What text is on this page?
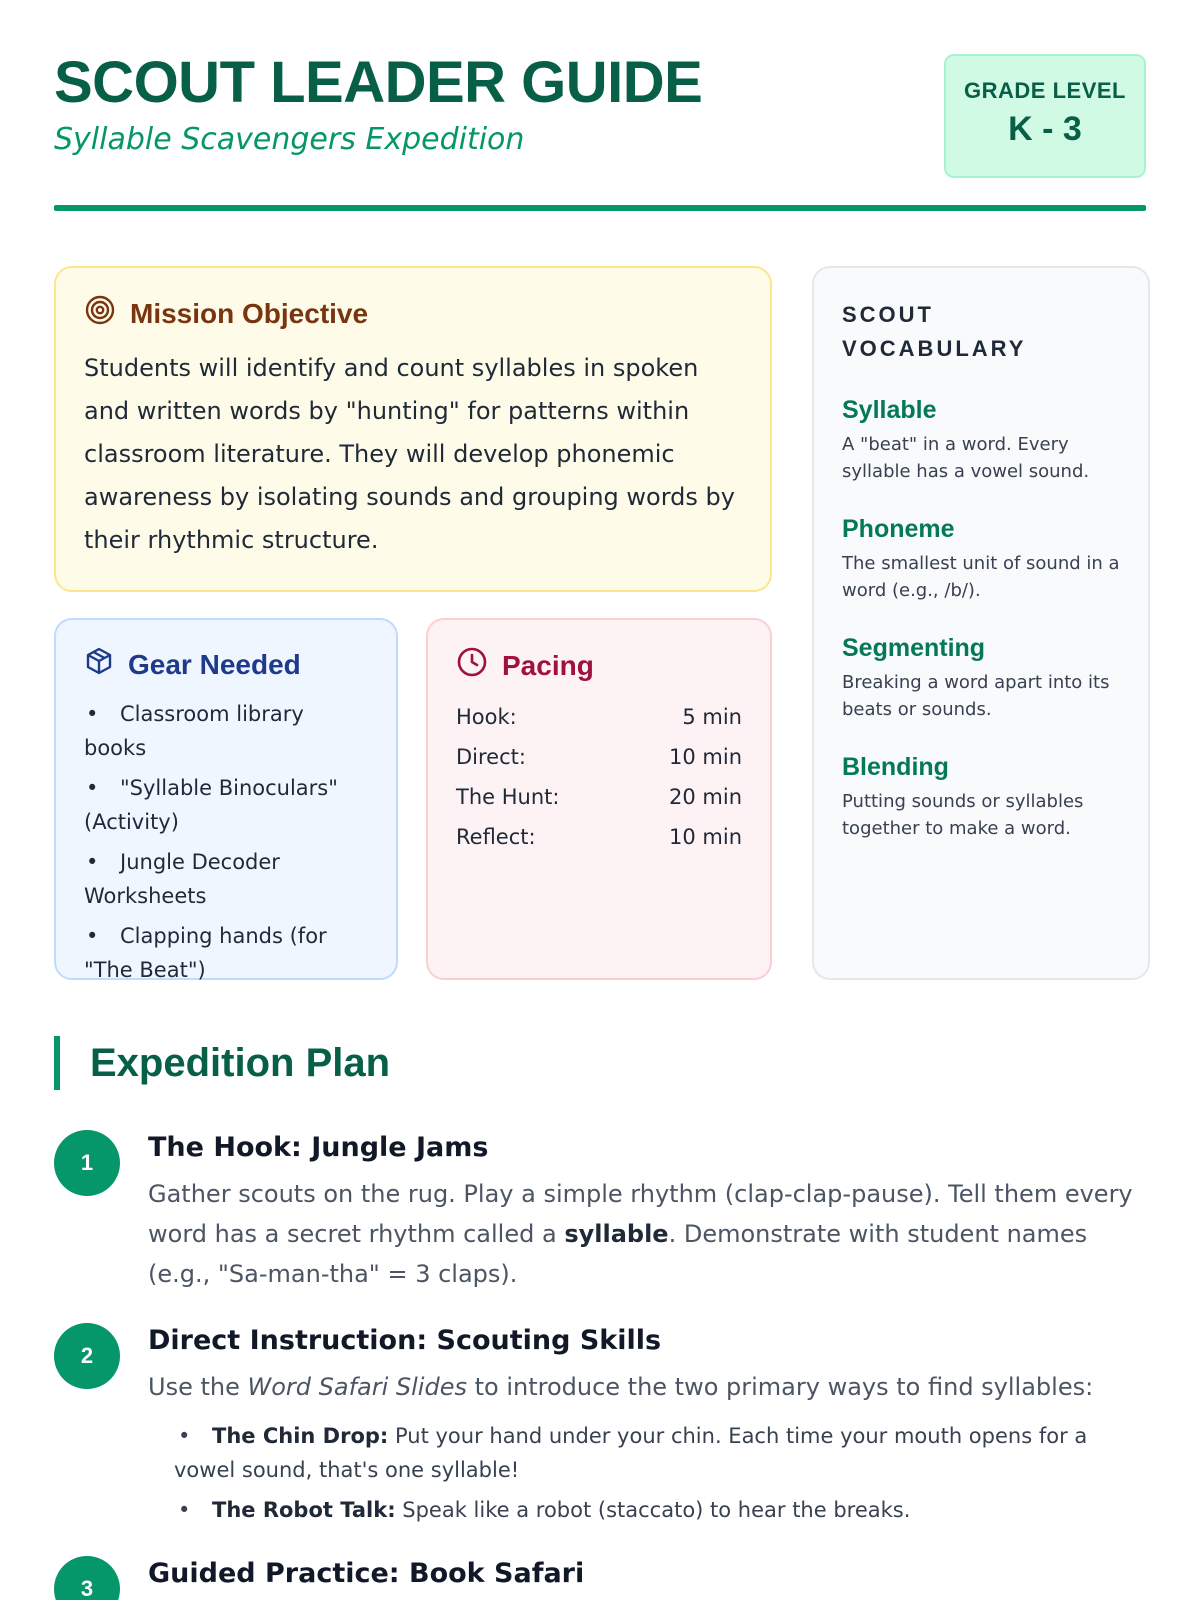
SCOUT LEADER GUIDE
Syllable Scavengers Expedition
GRADE LEVEL
K - 3
Mission Objective

Students will identify and count syllables in spoken and written words by "hunting" for patterns within classroom literature. They will develop phonemic awareness by isolating sounds and grouping words by their rhythmic structure.

Gear Needed
• Classroom library books
• "Syllable Binoculars" (Activity)
• Jungle Decoder Worksheets
• Clapping hands (for "The Beat")
Pacing
Hook:	5 min
Direct:	10 min
The Hunt:	20 min
Reflect:	10 min
SCOUT VOCABULARY
Syllable

A "beat" in a word. Every syllable has a vowel sound.

Phoneme

The smallest unit of sound in a word (e.g., /b/).

Segmenting

Breaking a word apart into its beats or sounds.

Blending

Putting sounds or syllables together to make a word.

Expedition Plan
1	The Hook: Jungle Jams
Gather scouts on the rug. Play a simple rhythm (clap-clap-pause). Tell them every word has a secret rhythm called a syllable. Demonstrate with student names (e.g., "Sa-man-tha" = 3 claps).
2	Direct Instruction: Scouting Skills
Use the Word Safari Slides to introduce the two primary ways to find syllables:
• The Chin Drop: Put your hand under your chin. Each time your mouth opens for a vowel sound, that's one syllable!
• The Robot Talk: Speak like a robot (staccato) to hear the breaks.
3	Guided Practice: Book Safari
